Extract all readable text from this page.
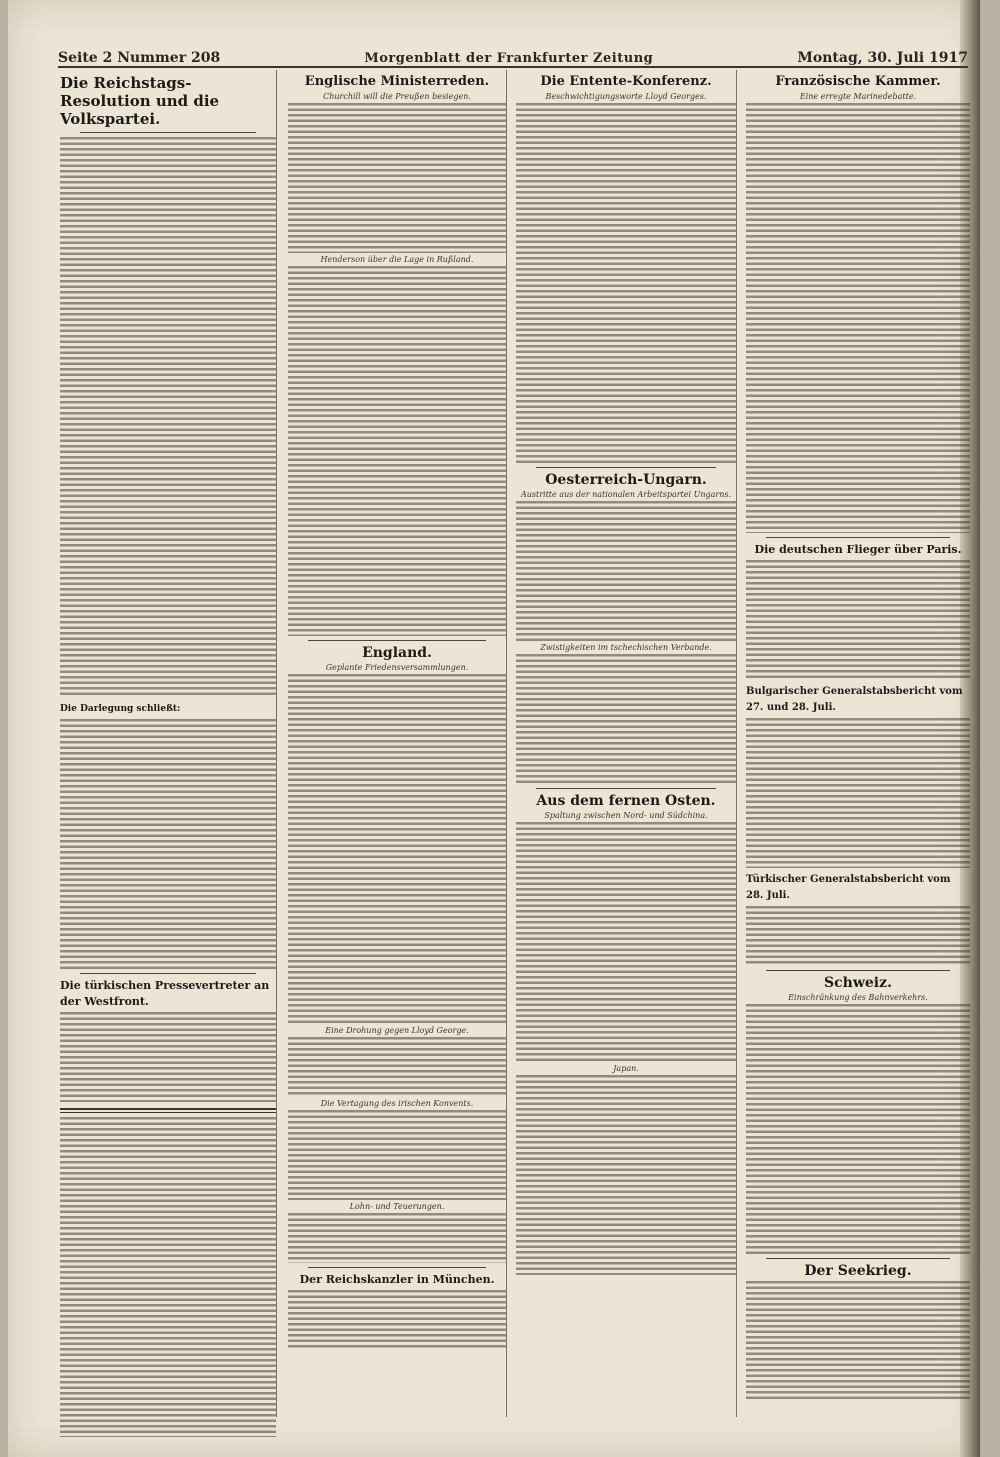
Seite 2 Nummer 208	Morgenblatt der Frankfurter Zeitung	Montag, 30. Juli 1917
Die Reichstags-Resolution und die Volkspartei.
Die Darlegung schließt:
Die türkischen Pressevertreter an der Westfront.
Englische Ministerreden.
Churchill will die Preußen besiegen.
Henderson über die Lage in Rußland.
England.
Geplante Friedensversammlungen.
Eine Drohung gegen Lloyd George.
Die Vertagung des irischen Konvents.
Lohn- und Teuerungen.
Der Reichskanzler in München.
Die Entente-Konferenz.
Beschwichtigungsworte Lloyd Georges.
Oesterreich-Ungarn.
Austritte aus der nationalen Arbeitspartei Ungarns.
Zwistigkeiten im tschechischen Verbande.
Aus dem fernen Osten.
Spaltung zwischen Nord- und Südchina.
Japan.
Französische Kammer.
Eine erregte Marinedebatte.
Die deutschen Flieger über Paris.
Bulgarischer Generalstabsbericht vom 27. und 28. Juli.
Türkischer Generalstabsbericht vom 28. Juli.
Schweiz.
Einschränkung des Bahnverkehrs.
Der Seekrieg.
